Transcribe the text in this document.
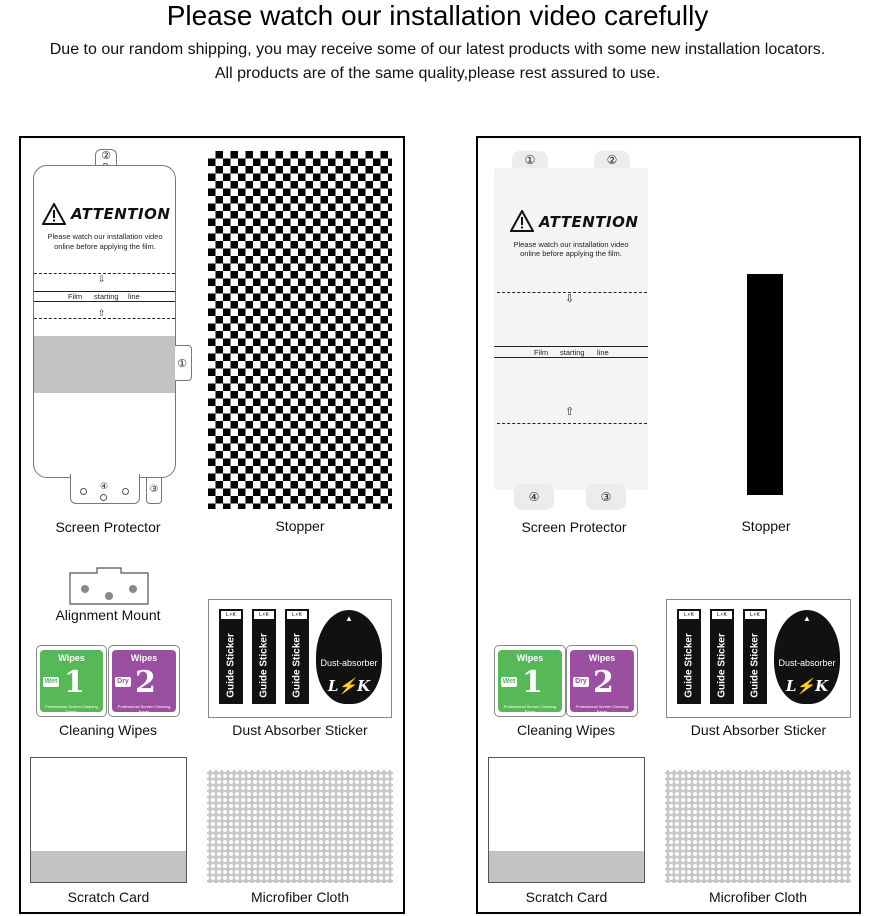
Please watch our installation video carefully
Due to our random shipping, you may receive some of our latest products with some new installation locators.
All products are of the same quality,please rest assured to use.
②
①
④	③
ATTENTION
Please watch our installation video
online before applying the film.
⇩
Film starting line
⇧
Screen Protector	Stopper
Alignment Mount
Wipes
Wet 1
Professional Screen Cleaning Paper
Wipes
Dry 2
Professional Screen Cleaning Paper
Cleaning Wipes
L⚡K
Guide Sticker
L⚡K
Guide Sticker
L⚡K
Guide Sticker
▲
Dust-absorber
L⚡K
Dust Absorber Sticker
Scratch Card	Microfiber Cloth
①	②
④	③
ATTENTION
Please watch our installation video
online before applying the film.
⇩
Film starting line
⇧
Screen Protector	Stopper
Wipes
Wet 1
Professional Screen Cleaning Paper
Wipes
Dry 2
Professional Screen Cleaning Paper
Cleaning Wipes
L⚡K
Guide Sticker
L⚡K
Guide Sticker
L⚡K
Guide Sticker
▲
Dust-absorber
L⚡K
Dust Absorber Sticker
Scratch Card	Microfiber Cloth
